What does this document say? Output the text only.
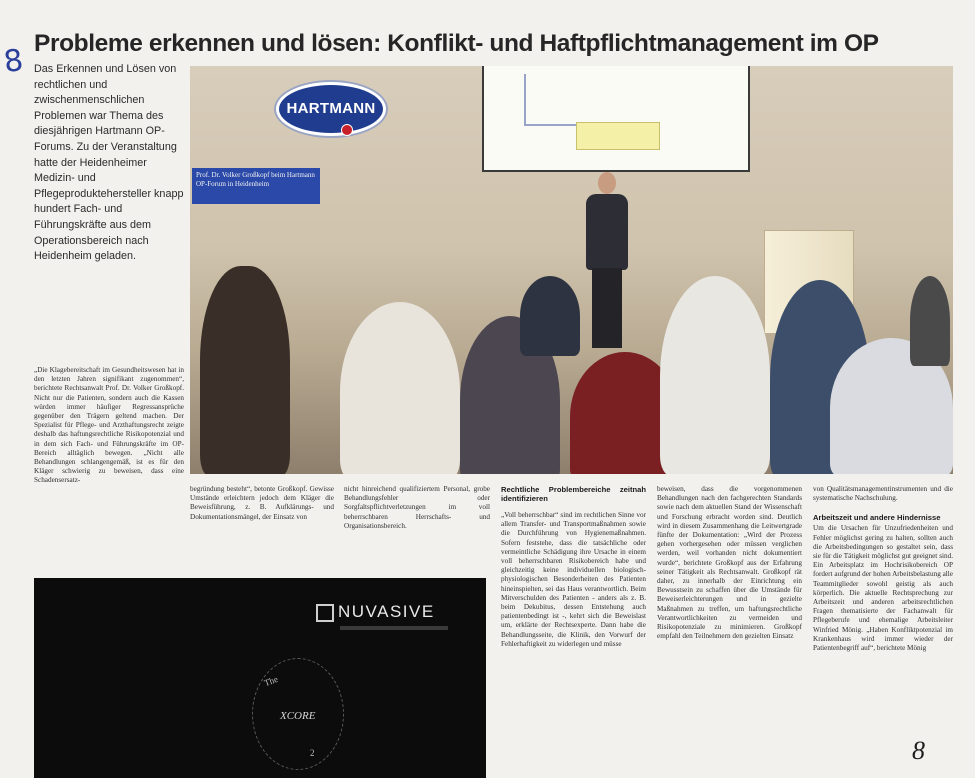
8 Probleme erkennen und lösen: Konflikt- und Haftpflichtmanagement im OP
Das Erkennen und Lösen von rechtlichen und zwischenmenschlichen Problemen war Thema des diesjährigen Hartmann OP-Forums. Zu der Veranstaltung hatte der Heidenheimer Medizin- und Pflegeproduktehersteller knapp hundert Fach- und Führungskräfte aus dem Operationsbereich nach Heidenheim geladen.
HARTMANN
Prof. Dr. Volker Großkopf beim Hartmann OP-Forum in Heidenheim
„Die Klagebereitschaft im Gesundheitswesen hat in den letzten Jahren signifikant zugenommen“, berichtete Rechtsanwalt Prof. Dr. Volker Großkopf. Nicht nur die Patienten, sondern auch die Kassen würden immer häufiger Regressansprüche gegenüber den Trägern geltend machen. Der Spezialist für Pflege- und Arzthaftungsrecht zeigte deshalb das haftungsrechtliche Risikopotenzial und in dem sich Fach- und Führungskräfte im OP-Bereich alltäglich bewegen. „Nicht alle Behandlungen schlangengemäß, ist es für den Kläger schwierig zu beweisen, dass eine Schadensersatz-
begründung besteht“, betonte Großkopf. Gewisse Umstände erleichtern jedoch dem Kläger die Beweisführung, z. B. Aufklärungs- und Dokumentationsmängel, der Einsatz von
nicht hinreichend qualifiziertem Personal, grobe Behandlungsfehler oder Sorgfaltspflichtverletzungen im voll beherrschbaren Herrschafts- und Organisationsbereich.
Rechtliche Problembereiche zeitnah identifizieren
„Voll beherrschbar“ sind im rechtlichen Sinne vor allem Transfer- und Transportmaßnahmen sowie die Durchführung von Hygienemaßnahmen. Sofern feststehe, dass die tatsächliche oder vermeintliche Schädigung ihre Ursache in einem voll beherrschbaren Risikobereich habe und gleichzeitig keine individuellen biologisch-physiologischen Besonderheiten des Patienten hineinspielten, sei das Haus verantwortlich. Beim Mitverschulden des Patienten - anders als z. B. beim Dekubitus, dessen Entstehung auch patientenbedingt ist -, kehrt sich die Beweislast um, erklärte der Rechtsexperte. Dann habe die Behandlungsseite, die Klinik, den Vorwurf der Fehlerhaftigkeit zu widerlegen und müsse
beweisen, dass die vorgenommenen Behandlungen nach den fachgerechten Standards sowie nach dem aktuellen Stand der Wissenschaft und Forschung erbracht worden sind. Deutlich wird in diesem Zusammenhang die Leitwertgrade fünfte der Dokumentation: „Wird der Prozess gehen vorhergesehen oder müssen verglichen werden, weil vorhanden nicht dokumentiert wurde“, berichtete Großkopf aus der Erfahrung seiner Tätigkeit als Rechtsanwalt. Großkopf rät daher, zu innerhalb der Einrichtung ein Bewusstsein zu schaffen über die Umstände für Beweiserleichterungen und in gezielte Maßnahmen zu treffen, um haftungsrechtliche Verantwortlichkeiten zu vermeiden und Risikopotenziale zu minimieren. Großkopf empfahl den Teilnehmern den gezielten Einsatz
von Qualitätsmanagementinstrumenten und die systematische Nachschulung.
Arbeitszeit und andere Hindernisse
Um die Ursachen für Unzufriedenheiten und Fehler möglichst gering zu halten, sollten auch die Arbeitsbedingungen so gestaltet sein, dass sie für die Tätigkeit möglichst gut geeignet sind. Ein Arbeitsplatz im Hochrisikobereich OP fordert aufgrund der hohen Arbeitsbelastung alle Teammitglieder sowohl geistig als auch körperlich. Die aktuelle Rechtsprechung zur Arbeitszeit und anderen arbeitsrechtlichen Fragen thematisierte der Fachanwalt für Pflegeberufe und ehemalige Arbeitsleiter Winfried Mönig. „Haben Konfliktpotenzial im Krankenhaus wird immer wieder der Patientenbegriff auf“, berichtete Mönig
NUVASIVE
The
XCORE
2	8
